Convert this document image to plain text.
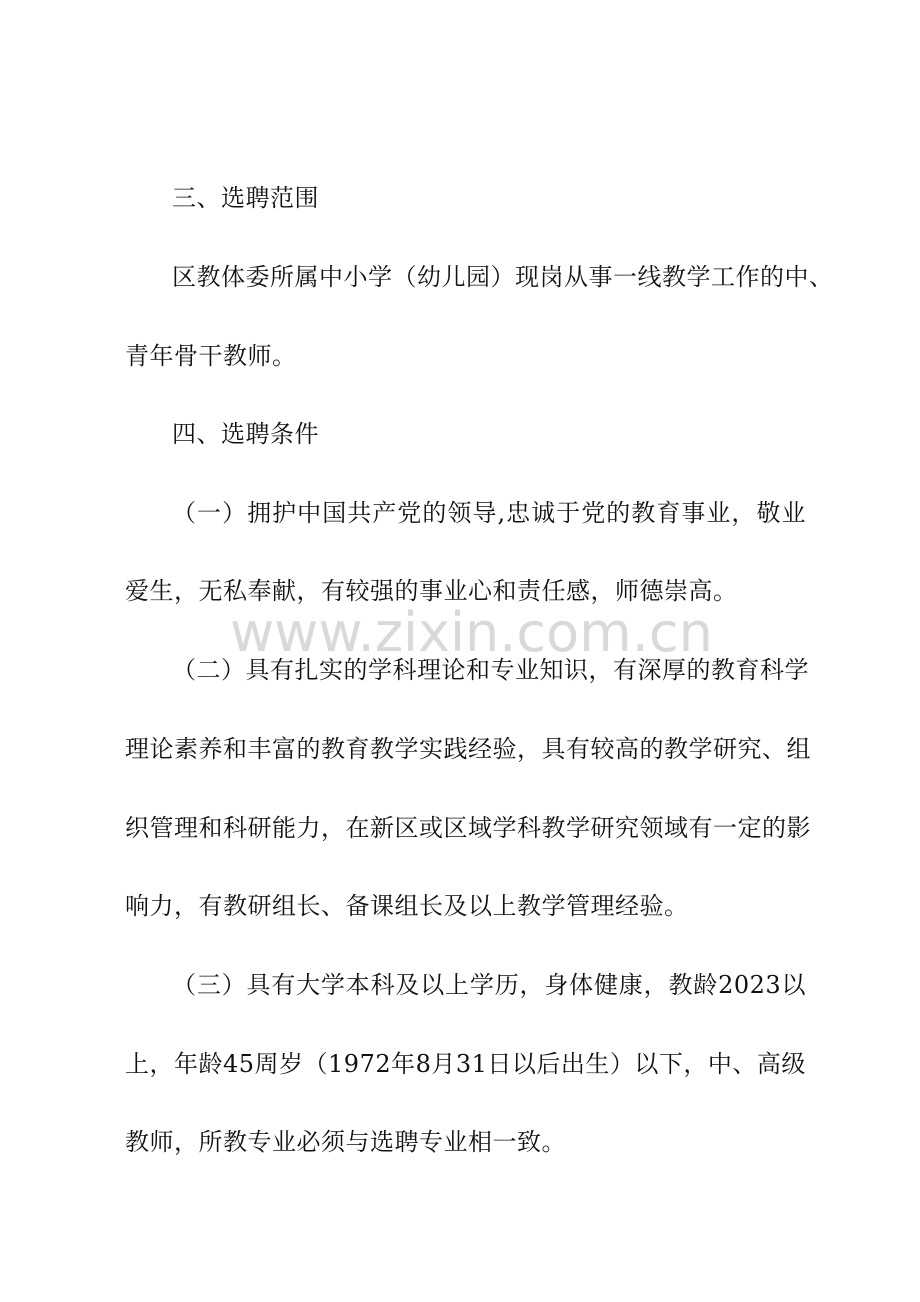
三、选聘范围
区教体委所属中小学（幼儿园）现岗从事一线教学工作的中、
青年骨干教师。
四、选聘条件
（一）拥护中国共产党的领导,忠诚于党的教育事业，敬业
爱生，无私奉献，有较强的事业心和责任感，师德崇高。
（二）具有扎实的学科理论和专业知识，有深厚的教育科学
理论素养和丰富的教育教学实践经验，具有较高的教学研究、组
织管理和科研能力，在新区或区域学科教学研究领域有一定的影
响力，有教研组长、备课组长及以上教学管理经验。
（三）具有大学本科及以上学历，身体健康，教龄2023以
上，年龄45周岁（1972年8月31日以后出生）以下，中、高级
教师，所教专业必须与选聘专业相一致。
www.zixin.com.cn
